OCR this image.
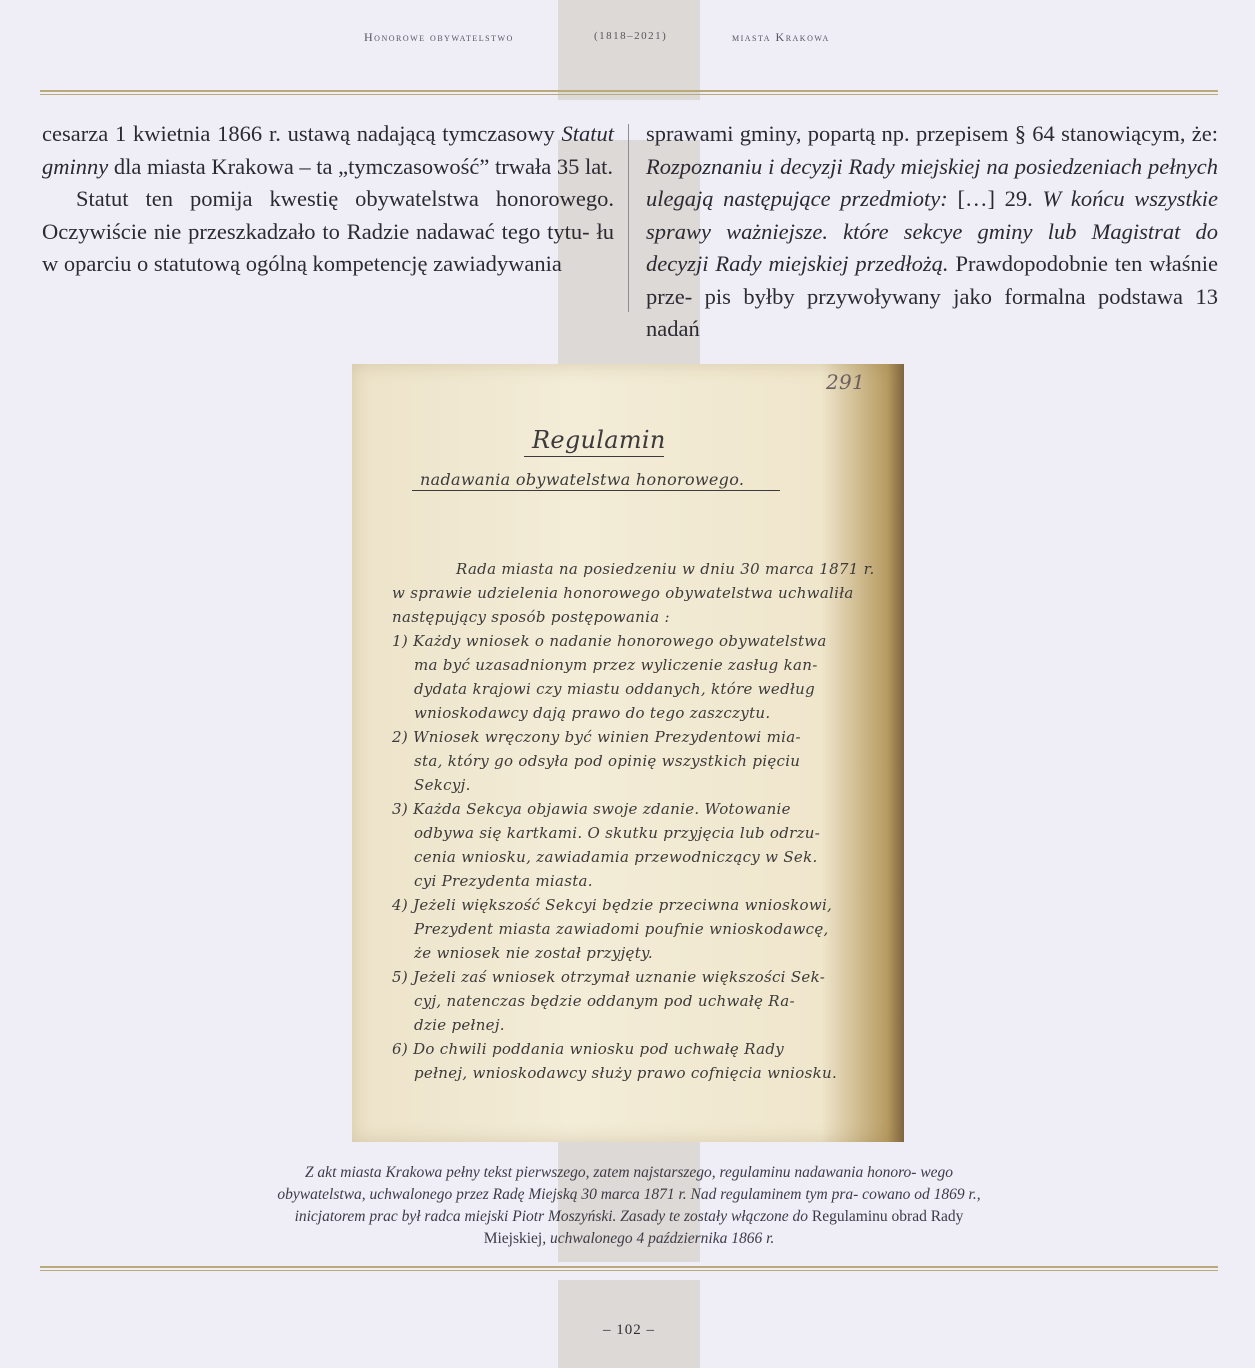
Honorowe obywatelstwo	(1818–2021)	miasta Krakowa

cesarza 1 kwietnia 1866 r. ustawą nadającą tymczasowy Statut gminny dla miasta Krakowa – ta „tymczasowość” trwała 35 lat.

Statut ten pomija kwestię obywatelstwa honorowego. Oczywiście nie przeszkadzało to Radzie nadawać tego tytu- łu w oparciu o statutową ogólną kompetencję zawiadywania

sprawami gminy, popartą np. przepisem § 64 stanowiącym, że: Rozpoznaniu i decyzji Rady miejskiej na posiedzeniach pełnych ulegają następujące przedmioty: […] 29. W końcu wszystkie sprawy ważniejsze. które sekcye gminy lub Magistrat do decyzji Rady miejskiej przedłożą. Prawdopodobnie ten właśnie prze- pis byłby przywoływany jako formalna podstawa 13 nadań

291
Regulamin
nadawania obywatelstwa honorowego.
Rada miasta na posiedzeniu w dniu 30 marca 1871 r.
w sprawie udzielenia honorowego obywatelstwa uchwaliła
następujący sposób postępowania :
1) Każdy wniosek o nadanie honorowego obywatelstwa
ma być uzasadnionym przez wyliczenie zasług kan-
dydata krajowi czy miastu oddanych, które według
wnioskodawcy dają prawo do tego zaszczytu.
2) Wniosek wręczony być winien Prezydentowi mia-
sta, który go odsyła pod opinię wszystkich pięciu
Sekcyj.
3) Każda Sekcya objawia swoje zdanie. Wotowanie
odbywa się kartkami. O skutku przyjęcia lub odrzu-
cenia wniosku, zawiadamia przewodniczący w Sek.
cyi Prezydenta miasta.
4) Jeżeli większość Sekcyi będzie przeciwna wnioskowi,
Prezydent miasta zawiadomi poufnie wnioskodawcę,
że wniosek nie został przyjęty.
5) Jeżeli zaś wniosek otrzymał uznanie większości Sek-
cyj, natenczas będzie oddanym pod uchwałę Ra-
dzie pełnej.
6) Do chwili poddania wniosku pod uchwałę Rady
pełnej, wnioskodawcy służy prawo cofnięcia wniosku.
Z akt miasta Krakowa pełny tekst pierwszego, zatem najstarszego, regulaminu nadawania honoro- wego obywatelstwa, uchwalonego przez Radę Miejską 30 marca 1871 r. Nad regulaminem tym pra- cowano od 1869 r., inicjatorem prac był radca miejski Piotr Moszyński. Zasady te zostały włączone do Regulaminu obrad Rady Miejskiej, uchwalonego 4 października 1866 r.
– 102 –
